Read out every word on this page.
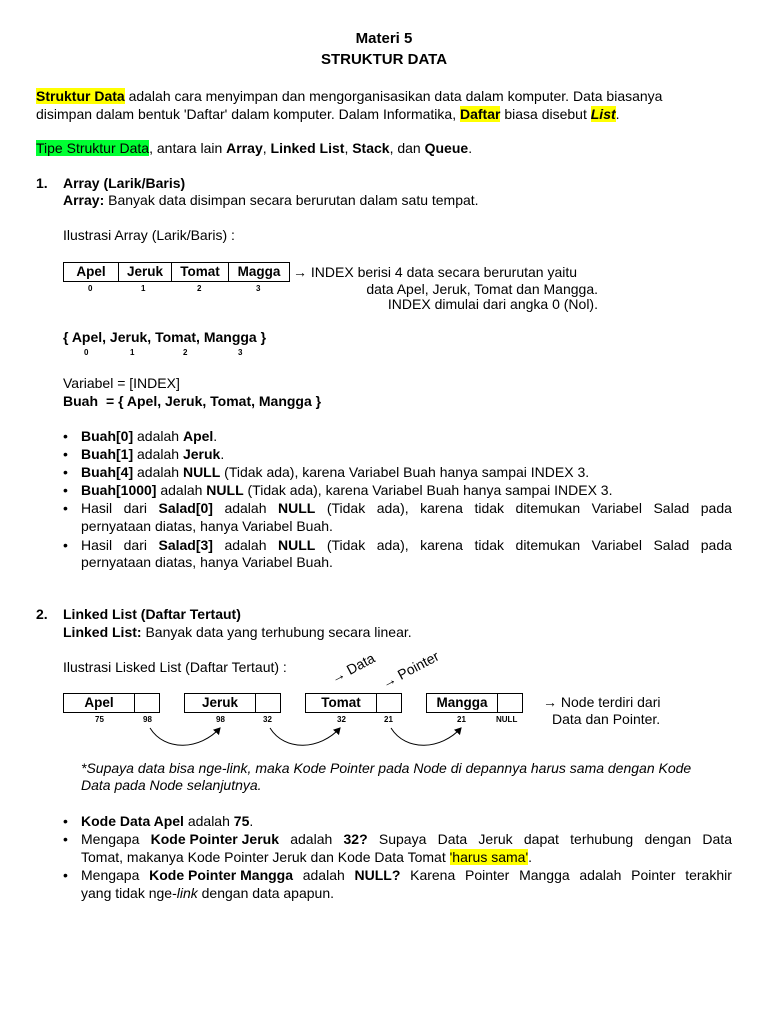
Materi 5
STRUKTUR DATA
Struktur Data adalah cara menyimpan dan mengorganisasikan data dalam komputer. Data biasanya
disimpan dalam bentuk 'Daftar' dalam komputer. Dalam Informatika, Daftar biasa disebut List.
Tipe Struktur Data, antara lain Array, Linked List, Stack, dan Queue.
1. Array (Larik/Baris)
Array: Banyak data disimpan secara berurutan dalam satu tempat.
Ilustrasi Array (Larik/Baris) :
Apel	Jeruk	Tomat	Magga
0	1	2	3
→ INDEX berisi 4 data secara berurutan yaitu
data Apel, Jeruk, Tomat dan Mangga.
INDEX dimulai dari angka 0 (Nol).
{ Apel, Jeruk, Tomat, Mangga }
0	1	2	3
Variabel = [INDEX]
Buah = { Apel, Jeruk, Tomat, Mangga }
• Buah[0] adalah Apel.
• Buah[1] adalah Jeruk.
• Buah[4] adalah NULL (Tidak ada), karena Variabel Buah hanya sampai INDEX 3.
• Buah[1000] adalah NULL (Tidak ada), karena Variabel Buah hanya sampai INDEX 3.
• Hasil dari Salad[0] adalah NULL (Tidak ada), karena tidak ditemukan Variabel Salad pada
pernyataan diatas, hanya Variabel Buah.
• Hasil dari Salad[3] adalah NULL (Tidak ada), karena tidak ditemukan Variabel Salad pada
pernyataan diatas, hanya Variabel Buah.
2. Linked List (Daftar Tertaut)
Linked List: Banyak data yang terhubung secara linear.
Ilustrasi Lisked List (Daftar Tertaut) :	→ Data → Pointer
Apel	Jeruk	Tomat	Mangga
75	98	98	32	32	21	21	NULL
→ Node terdiri dari
Data dan Pointer.
*Supaya data bisa nge-link, maka Kode Pointer pada Node di depannya harus sama dengan Kode
Data pada Node selanjutnya.
• Kode Data Apel adalah 75.
• Mengapa Kode Pointer Jeruk adalah 32? Supaya Data Jeruk dapat terhubung dengan Data
Tomat, makanya Kode Pointer Jeruk dan Kode Data Tomat 'harus sama'.
• Mengapa Kode Pointer Mangga adalah NULL? Karena Pointer Mangga adalah Pointer terakhir
yang tidak nge-link dengan data apapun.
